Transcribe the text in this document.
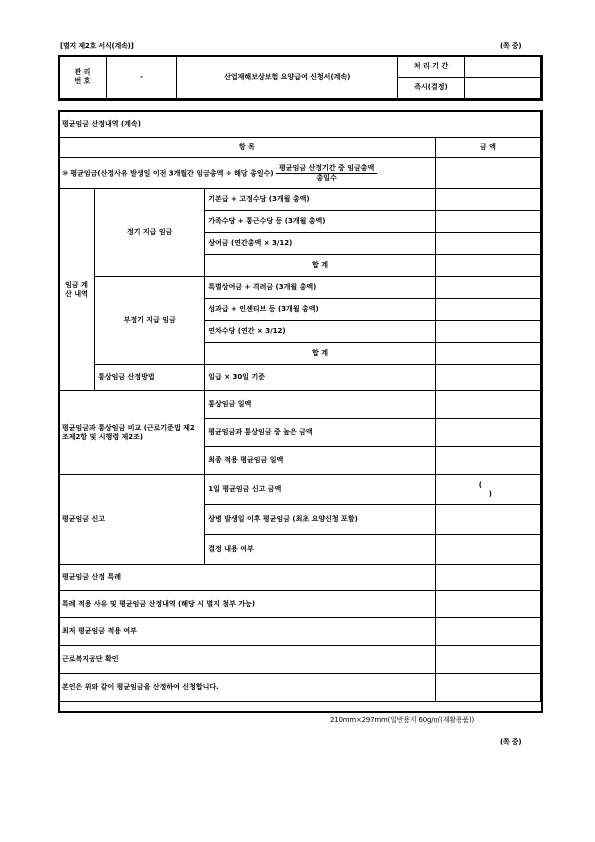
[별지 제2호 서식(계속)]	(쪽 중)
관 리
번 호	-	산업재해보상보험 요양급여 신청서(계속)	처 리 기 간	
			즉시(결정)	
평균임금 산정내역 (계속)			
항 목			금 액
⑩ 평균임금(산정사유 발생일 이전 3개월간 임금총액 ÷ 해당 총일수)
평균임금 산정기간 중 임금총액
총일수			
임금 계산 내역	정기 지급 임금	기본급 + 고정수당 (3개월 총액)	
		가족수당 + 통근수당 등 (3개월 총액)	
		상여금 (연간총액 × 3/12)	
		합 계	
	부정기 지급 임금	특별상여금 + 격려금 (3개월 총액)	
		성과급 + 인센티브 등 (3개월 총액)	
		연차수당 (연간 × 3/12)	
		합 계	
	통상임금 산정방법	일급 × 30일 기준	
평균임금과 통상임금 비교 (근로기준법 제2조제2항 및 시행령 제2조)		통상임금 일액	
		평균임금과 통상임금 중 높은 금액	
		최종 적용 평균임금 일액	
평균임금 신고		1일 평균임금 신고 금액	( )
		상병 발생일 이후 평균임금 (최초 요양신청 포함)	
		결정 내용 여부	
평균임금 산정 특례			
특례 적용 사유 및 평균임금 산정내역 (해당 시 별지 첨부 가능)			
최저 평균임금 적용 여부			
근로복지공단 확인			
본인은 위와 같이 평균임금을 산정하여 신청합니다.			
210mm×297mm(일반용지 60g/㎡(재활용품))
(쪽 중)
